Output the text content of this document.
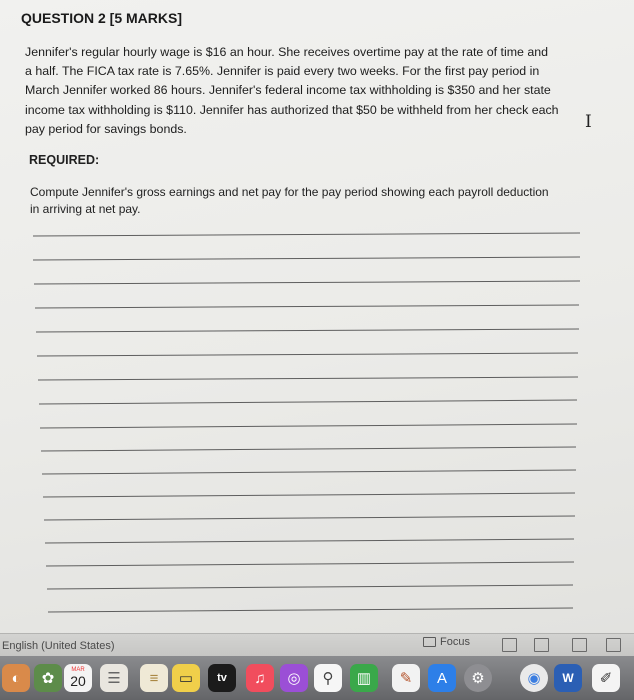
QUESTION 2 [5 MARKS]
Jennifer's regular hourly wage is $16 an hour. She receives overtime pay at the rate of time and
a half. The FICA tax rate is 7.65%. Jennifer is paid every two weeks. For the first pay period in
March Jennifer worked 86 hours. Jennifer's federal income tax withholding is $350 and her state
income tax withholding is $110. Jennifer has authorized that $50 be withheld from her check each
pay period for savings bonds.	I
REQUIRED:
Compute Jennifer's gross earnings and net pay for the pay period showing each payroll deduction
in arriving at net pay.
English (United States)	Focus
◐	✿	MAR
20	☰	≡	▭	tv	♫	◎	⚲	▥	✎	A	⚙	◉	W	✐
